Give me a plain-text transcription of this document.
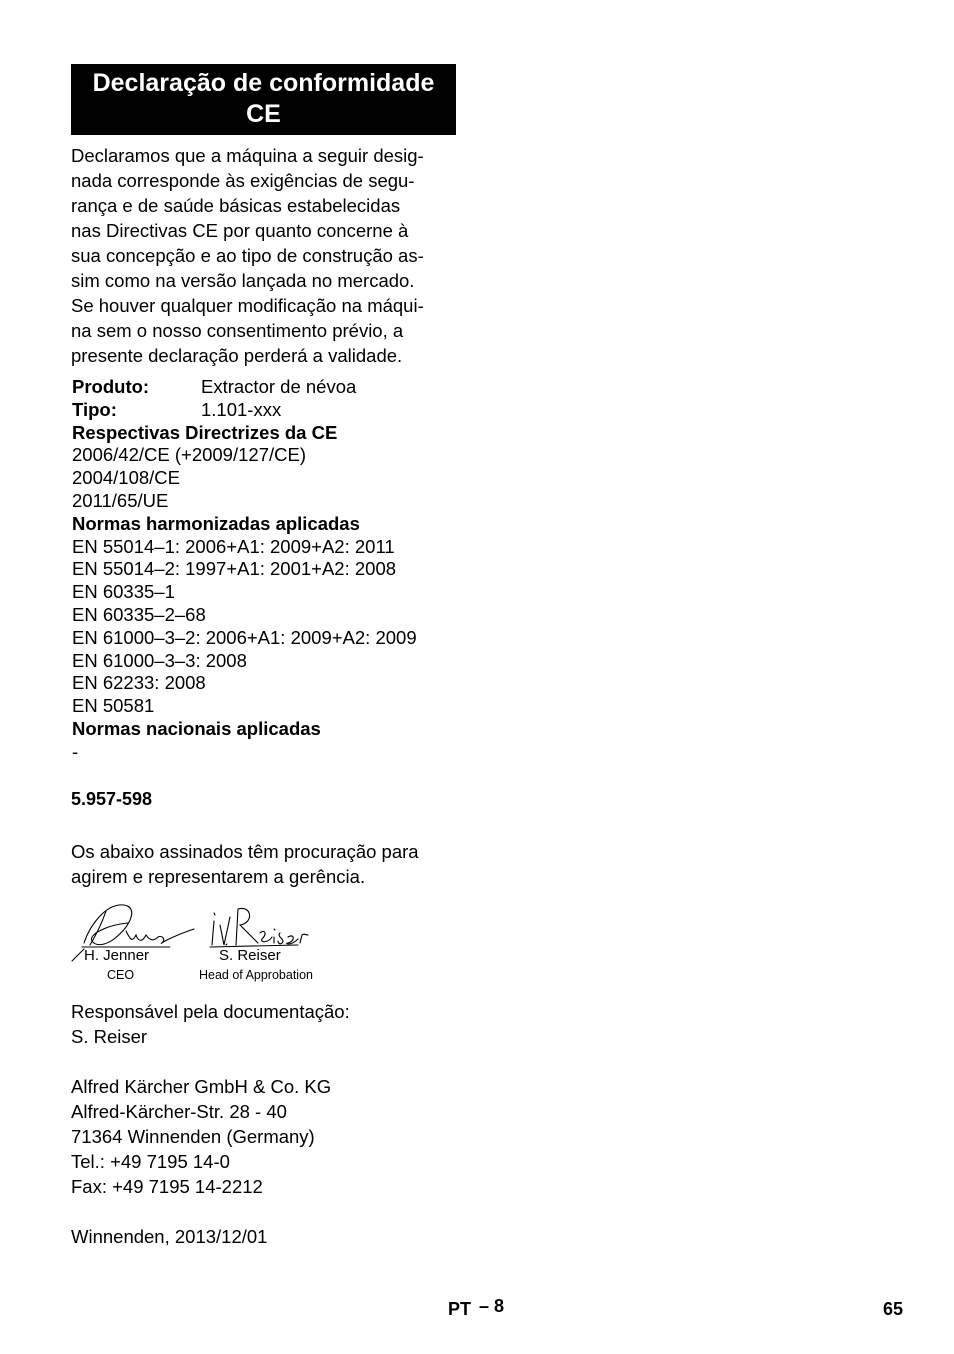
Declaração de conformidade
CE
Declaramos que a máquina a seguir desig-
nada corresponde às exigências de segu-
rança e de saúde básicas estabelecidas
nas Directivas CE por quanto concerne à
sua concepção e ao tipo de construção as-
sim como na versão lançada no mercado.
Se houver qualquer modificação na máqui-
na sem o nosso consentimento prévio, a
presente declaração perderá a validade.
Produto:	Extractor de névoa
Tipo:	1.101-xxx
Respectivas Directrizes da CE
2006/42/CE (+2009/127/CE)
2004/108/CE
2011/65/UE
Normas harmonizadas aplicadas
EN 55014–1: 2006+A1: 2009+A2: 2011
EN 55014–2: 1997+A1: 2001+A2: 2008
EN 60335–1
EN 60335–2–68
EN 61000–3–2: 2006+A1: 2009+A2: 2009
EN 61000–3–3: 2008
EN 62233: 2008
EN 50581
Normas nacionais aplicadas
-
5.957-598
Os abaixo assinados têm procuração para
agirem e representarem a gerência.
H. Jenner	S. Reiser
CEO	Head of Approbation
Responsável pela documentação:
S. Reiser
Alfred Kärcher GmbH & Co. KG
Alfred-Kärcher-Str. 28 - 40
71364 Winnenden (Germany)
Tel.: +49 7195 14-0
Fax: +49 7195 14-2212
Winnenden, 2013/12/01
PT – 8	65
